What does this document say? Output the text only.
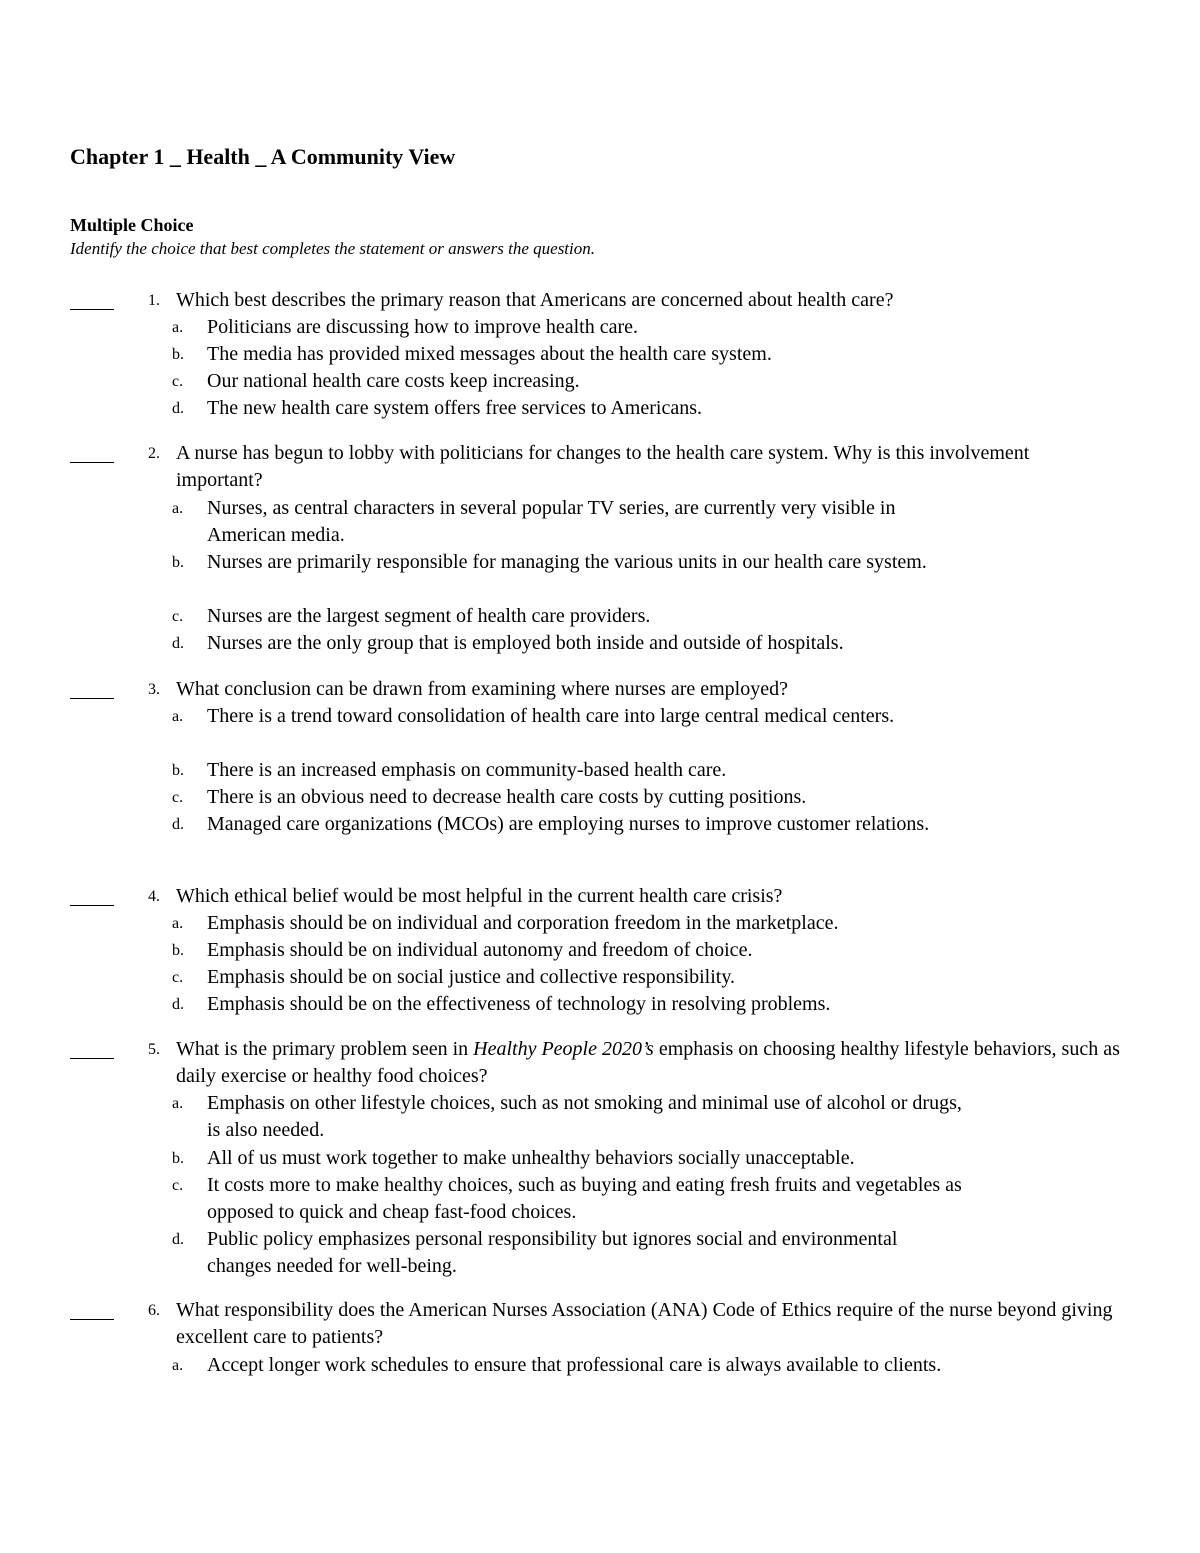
Chapter 1 _ Health _ A Community View
Multiple Choice

Identify the choice that best completes the statement or answers the question.

1. Which best describes the primary reason that Americans are concerned about health care?

a.	Politicians are discussing how to improve health care.

b.	The media has provided mixed messages about the health care system.

c.	Our national health care costs keep increasing.

d.	The new health care system offers free services to Americans.

2. A nurse has begun to lobby with politicians for changes to the health care system. Why is this involvement important?

a.	Nurses, as central characters in several popular TV series, are currently very visible in American media.

b.	Nurses are primarily responsible for managing the various units in our health care system.

c.	Nurses are the largest segment of health care providers.

d.	Nurses are the only group that is employed both inside and outside of hospitals.

3. What conclusion can be drawn from examining where nurses are employed?

a.	There is a trend toward consolidation of health care into large central medical centers.

b.	There is an increased emphasis on community-based health care.

c.	There is an obvious need to decrease health care costs by cutting positions.

d.	Managed care organizations (MCOs) are employing nurses to improve customer relations.

4. Which ethical belief would be most helpful in the current health care crisis?

a.	Emphasis should be on individual and corporation freedom in the marketplace.

b.	Emphasis should be on individual autonomy and freedom of choice.

c.	Emphasis should be on social justice and collective responsibility.

d.	Emphasis should be on the effectiveness of technology in resolving problems.

5. What is the primary problem seen in Healthy People 2020’s emphasis on choosing healthy lifestyle behaviors, such as daily exercise or healthy food choices?

a.	Emphasis on other lifestyle choices, such as not smoking and minimal use of alcohol or drugs, is also needed.

b.	All of us must work together to make unhealthy behaviors socially unacceptable.

c.	It costs more to make healthy choices, such as buying and eating fresh fruits and vegetables as opposed to quick and cheap fast-food choices.

d.	Public policy emphasizes personal responsibility but ignores social and environmental changes needed for well-being.

6. What responsibility does the American Nurses Association (ANA) Code of Ethics require of the nurse beyond giving excellent care to patients?

a.	Accept longer work schedules to ensure that professional care is always available to clients.
